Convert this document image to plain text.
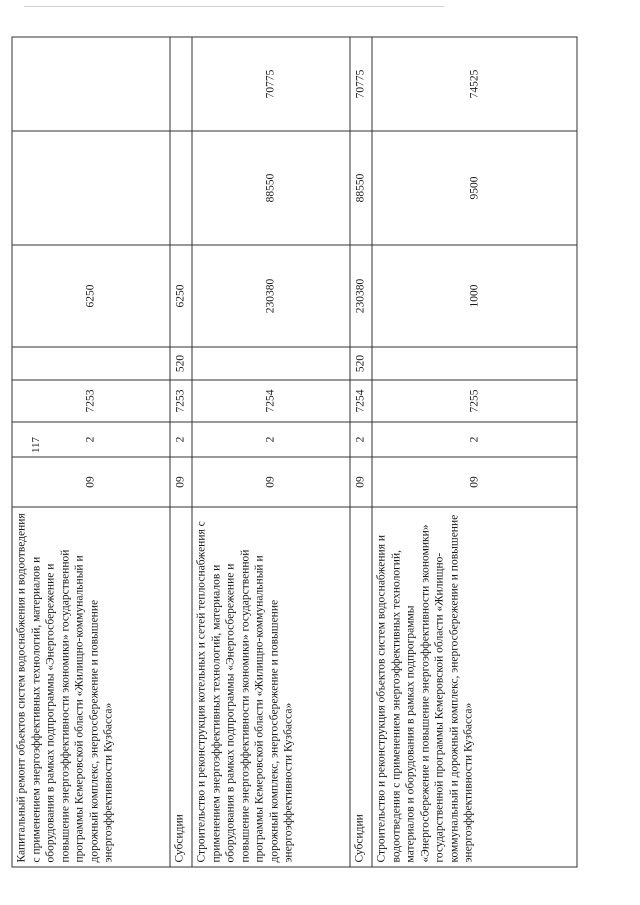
117
Капитальный ремонт объектов систем водоснабжения и водоотведения с применением энергоэффективных технологий, материалов и оборудования в рамках подпрограммы «Энергосбережение и повышение энергоэффективности экономики» государственной программы Кемеровской области «Жилищно-коммунальный и дорожный комплекс, энергосбережение и повышение энергоэффективности Кузбасса»	09	2	7253		6250		
Субсидии	09	2	7253	520	6250		
Строительство и реконструкция котельных и сетей теплоснабжения с применением энергоэффективных технологий, материалов и оборудования в рамках подпрограммы «Энергосбережение и повышение энергоэффективности экономики» государственной программы Кемеровской области «Жилищно-коммунальный и дорожный комплекс, энергосбережение и повышение энергоэффективности Кузбасса»	09	2	7254		230380	88550	70775
Субсидии	09	2	7254	520	230380	88550	70775
Строительство и реконструкция объектов систем водоснабжения и водоотведения с применением энергоэффективных технологий, материалов и оборудования в рамках подпрограммы «Энергосбережение и повышение энергоэффективности экономики» государственной программы Кемеровской области «Жилищно-коммунальный и дорожный комплекс, энергосбережение и повышение энергоэффективности Кузбасса»	09	2	7255		1000	9500	74525
